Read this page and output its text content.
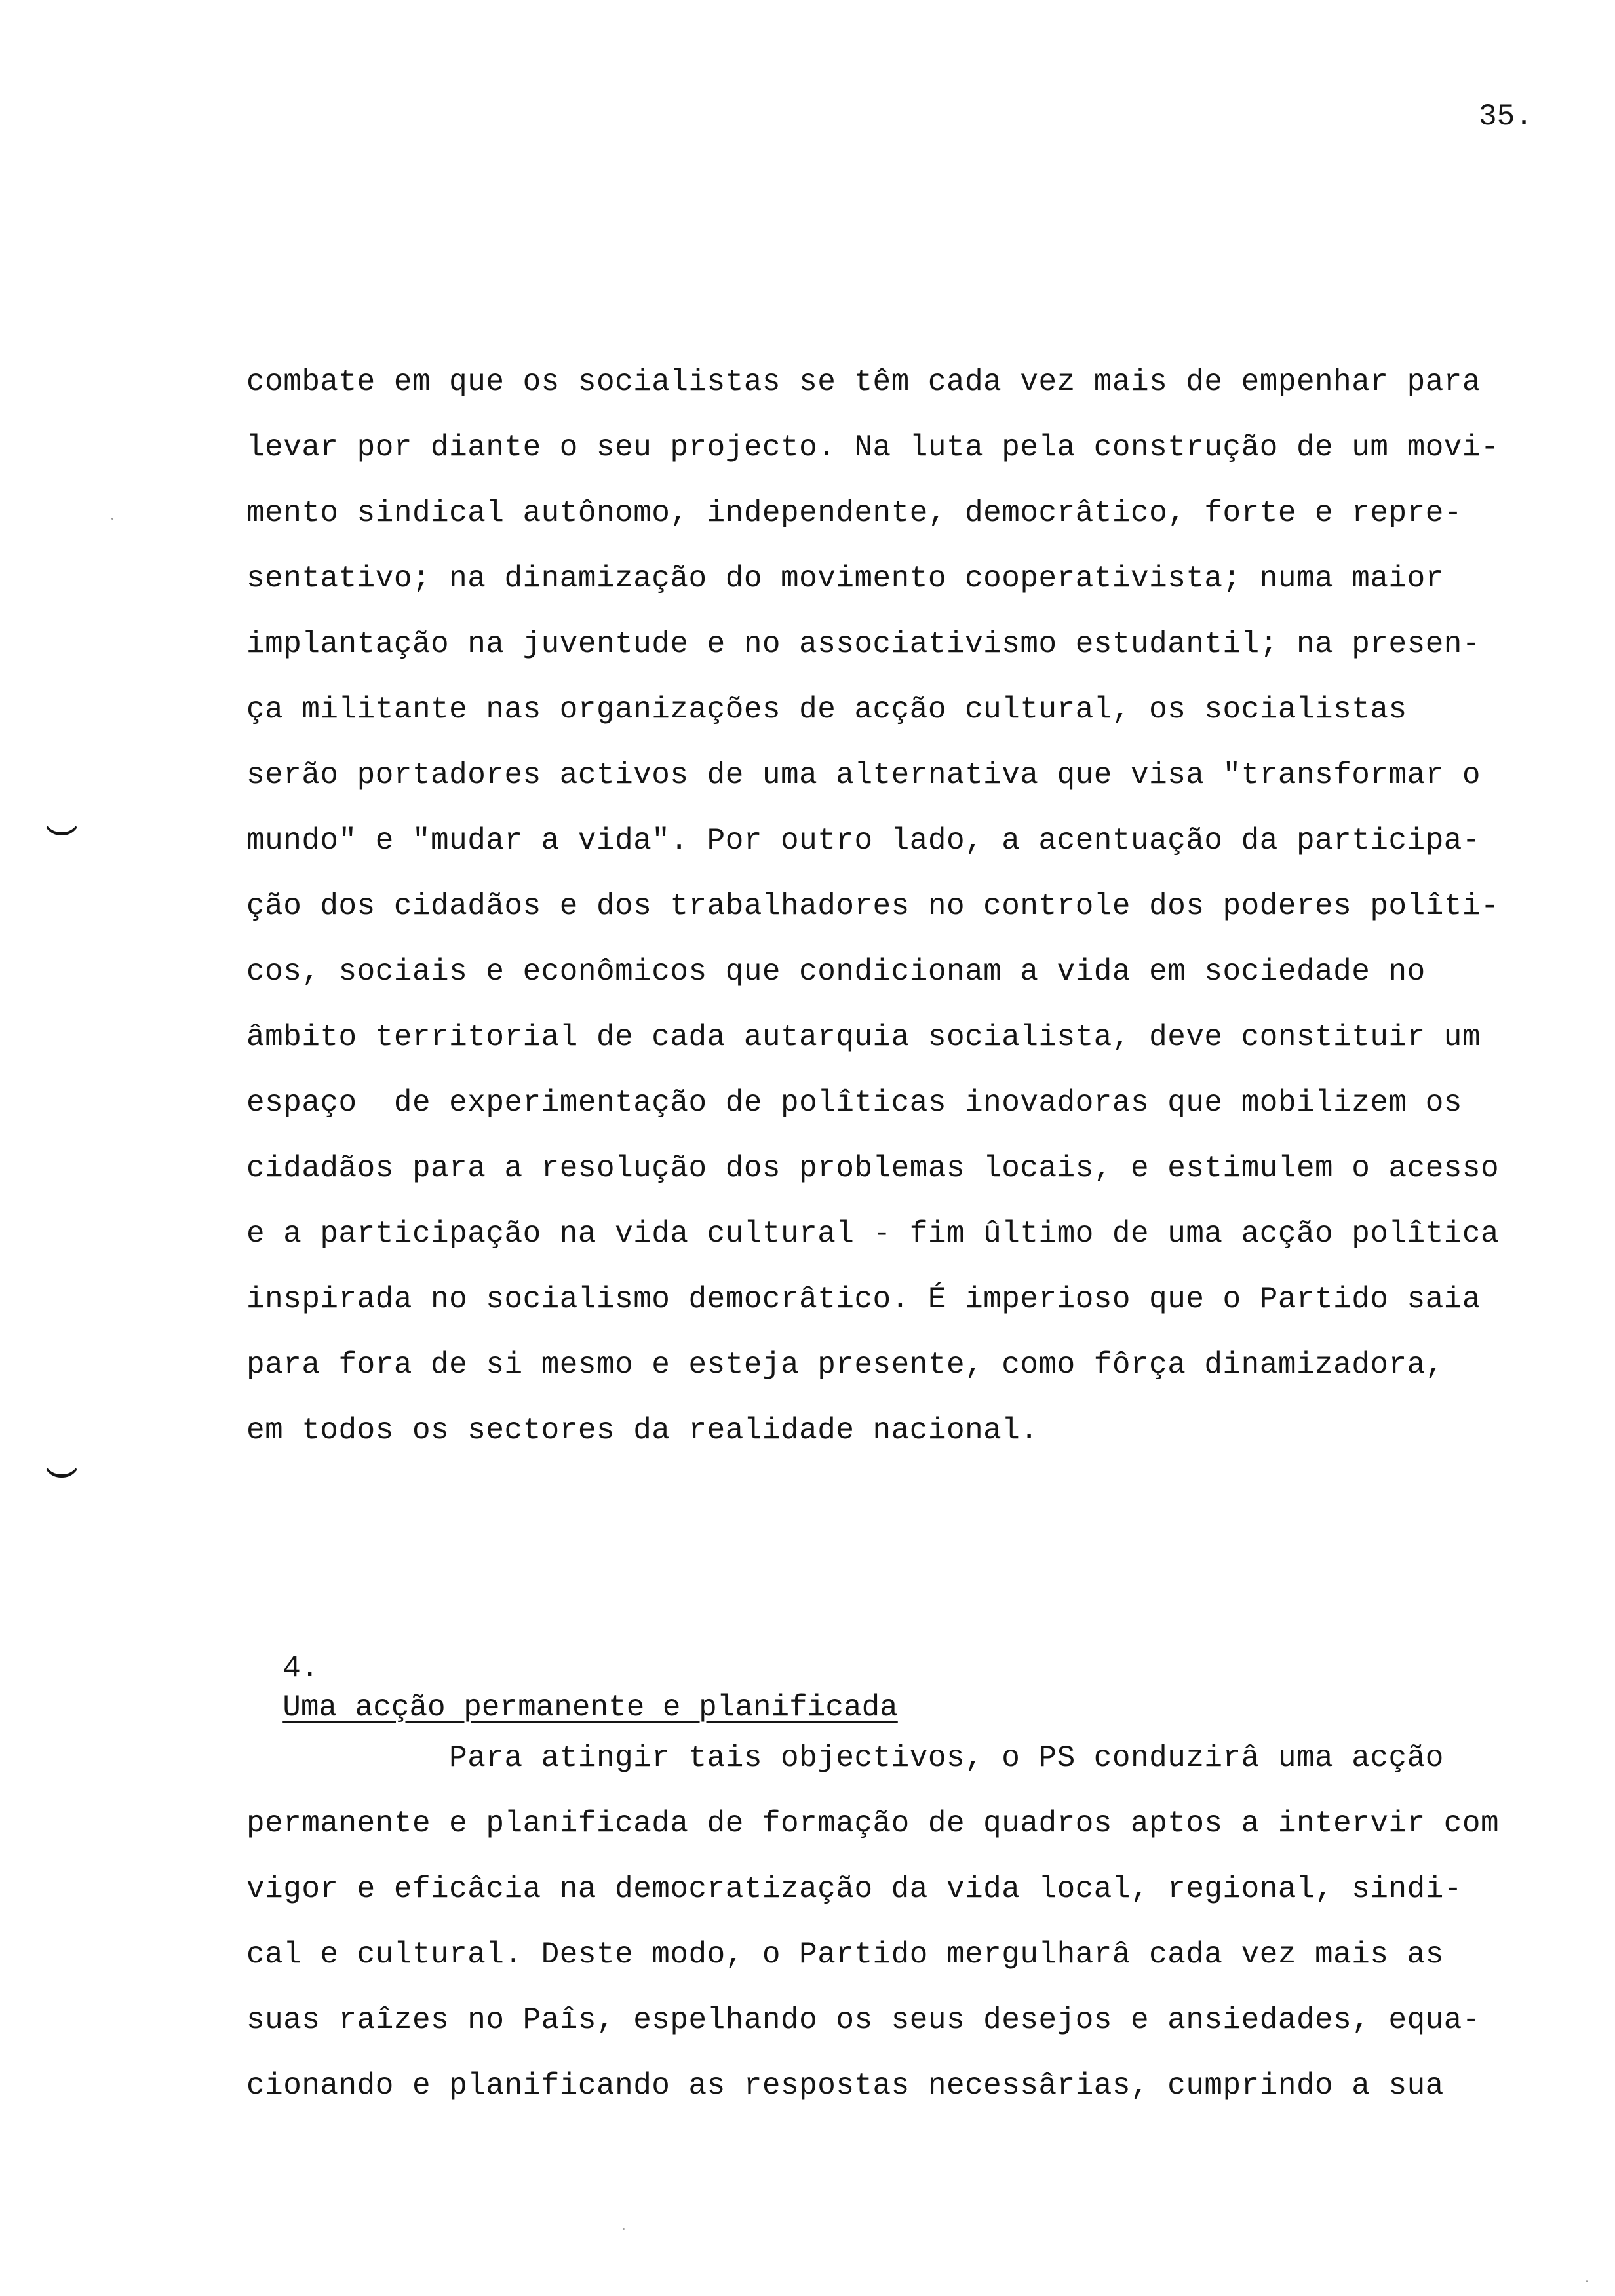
35.
combate em que os socialistas se têm cada vez mais de empenhar para
levar por diante o seu projecto. Na luta pela construção de um movi-
mento sindical autônomo, independente, democrâtico, forte e repre-
sentativo; na dinamização do movimento cooperativista; numa maior
implantação na juventude e no associativismo estudantil; na presen-
ça militante nas organizações de acção cultural, os socialistas
serão portadores activos de uma alternativa que visa "transformar o
mundo" e "mudar a vida". Por outro lado, a acentuação da participa-
ção dos cidadãos e dos trabalhadores no controle dos poderes polîti-
cos, sociais e econômicos que condicionam a vida em sociedade no
âmbito territorial de cada autarquia socialista, deve constituir um
espaço  de experimentação de polîticas inovadoras que mobilizem os
cidadãos para a resolução dos problemas locais, e estimulem o acesso
e a participação na vida cultural - fim ûltimo de uma acção polîtica
inspirada no socialismo democrâtico. É imperioso que o Partido saia
para fora de si mesmo e esteja presente, como fôrça dinamizadora,
em todos os sectores da realidade nacional.

4.
Uma acção permanente e planificada

Para atingir tais objectivos, o PS conduzirâ uma acção
permanente e planificada de formação de quadros aptos a intervir com
vigor e eficâcia na democratização da vida local, regional, sindi-
cal e cultural. Deste modo, o Partido mergulharâ cada vez mais as
suas raîzes no Paîs, espelhando os seus desejos e ansiedades, equa-
cionando e planificando as respostas necessârias, cumprindo a sua
